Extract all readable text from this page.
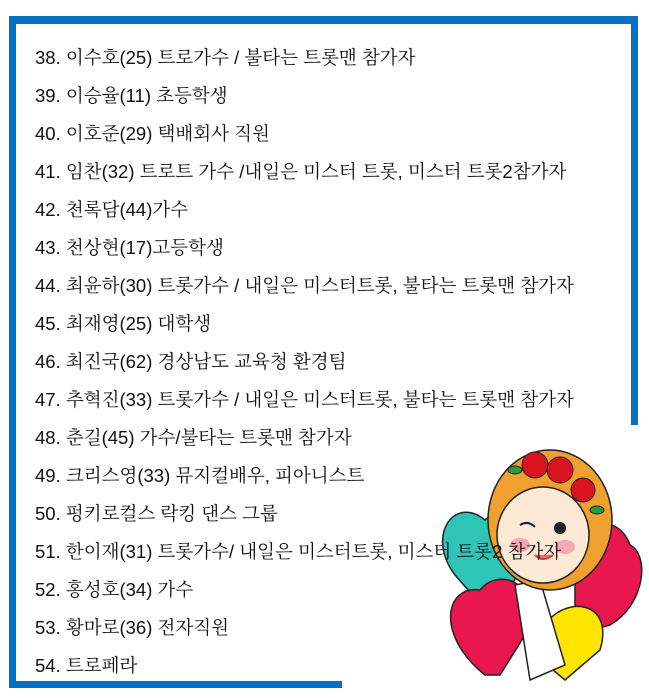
38. 이수호(25) 트로가수 / 불타는 트롯맨 참가자
39. 이승율(11) 초등학생
40. 이호준(29) 택배회사 직원
41. 임찬(32) 트로트 가수 /내일은 미스터 트롯, 미스터 트롯2참가자
42. 천록담(44)가수
43. 천상현(17)고등학생
44. 최윤하(30) 트롯가수 / 내일은 미스터트롯, 불타는 트롯맨 참가자
45. 최재영(25) 대학생
46. 최진국(62) 경상남도 교육청 환경팀
47. 추혁진(33) 트롯가수 / 내일은 미스터트롯, 불타는 트롯맨 참가자
48. 춘길(45) 가수/불타는 트롯맨 참가자
49. 크리스영(33) 뮤지컬배우, 피아니스트
50. 펑키로컬스 락킹 댄스 그룹
51. 한이재(31) 트롯가수/ 내일은 미스터트롯, 미스터 트롯2 참가자
52. 홍성호(34) 가수
53. 황마로(36) 전자직원
54. 트로페라
